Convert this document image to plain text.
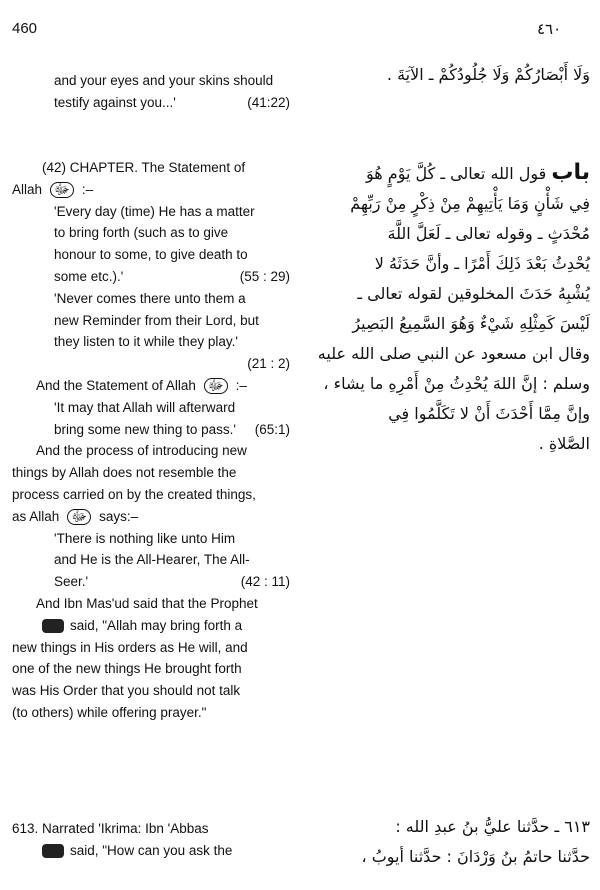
460	٤٦٠
and your eyes and your skins should
testify against you...'	(41:22)
(42) CHAPTER. The Statement of
Allah ﷻ :–
'Every day (time) He has a matter
to bring forth (such as to give
honour to some, to give death to
some etc.).'	(55 : 29)
'Never comes there unto them a
new Reminder from their Lord, but
they listen to it while they play.'
(21 : 2)
And the Statement of Allah ﷻ :–
'It may that Allah will afterward
bring some new thing to pass.' (65:1)
And the process of introducing new
things by Allah does not resemble the
process carried on by the created things,
as Allah ﷻ says:–
'There is nothing like unto Him
and He is the All-Hearer, The All-
Seer.'	(42 : 11)
And Ibn Mas'ud said that the Prophet
said, "Allah may bring forth a
new things in His orders as He will, and
one of the new things He brought forth
was His Order that you should not talk
(to others) while offering prayer."
613. Narrated 'Ikrima: Ibn 'Abbas
said, "How can you ask the
وَلَا أَبْصَارُكُمْ وَلَا جُلُودُكُمْ ـ الآيَةَ .
باب قول الله تعالى ـ كُلَّ يَوْمٍ هُوَ
فِي شَأْنٍ وَمَا يَأْتِيهِمْ مِنْ ذِكْرٍ مِنْ رَبِّهِمْ
مُحْدَثٍ ـ وقوله تعالى ـ لَعَلَّ اللَّهَ
يُحْدِثُ بَعْدَ ذَلِكَ أَمْرًا ـ وأنَّ حَدَثَهُ لا
يُشْبِهُ حَدَثَ المخلوقين لقوله تعالى ـ
لَيْسَ كَمِثْلِهِ شَيْءٌ وَهُوَ السَّمِيعُ البَصِيرُ
وقال ابن مسعود عن النبي صلى الله عليه
وسلم : إنَّ اللهَ يُحْدِثُ مِنْ أَمْرِهِ ما يشاء ،
وإنَّ مِمَّا أَحْدَثَ أَنْ لا تَكَلَّمُوا فِي
الصَّلاةِ .
٦١٣ ـ حدَّثنا عليُّ بنُ عبدِ الله :
حدَّثنا حاتمُ بنُ وَرْدَانَ : حدَّثنا أيوبُ ،
